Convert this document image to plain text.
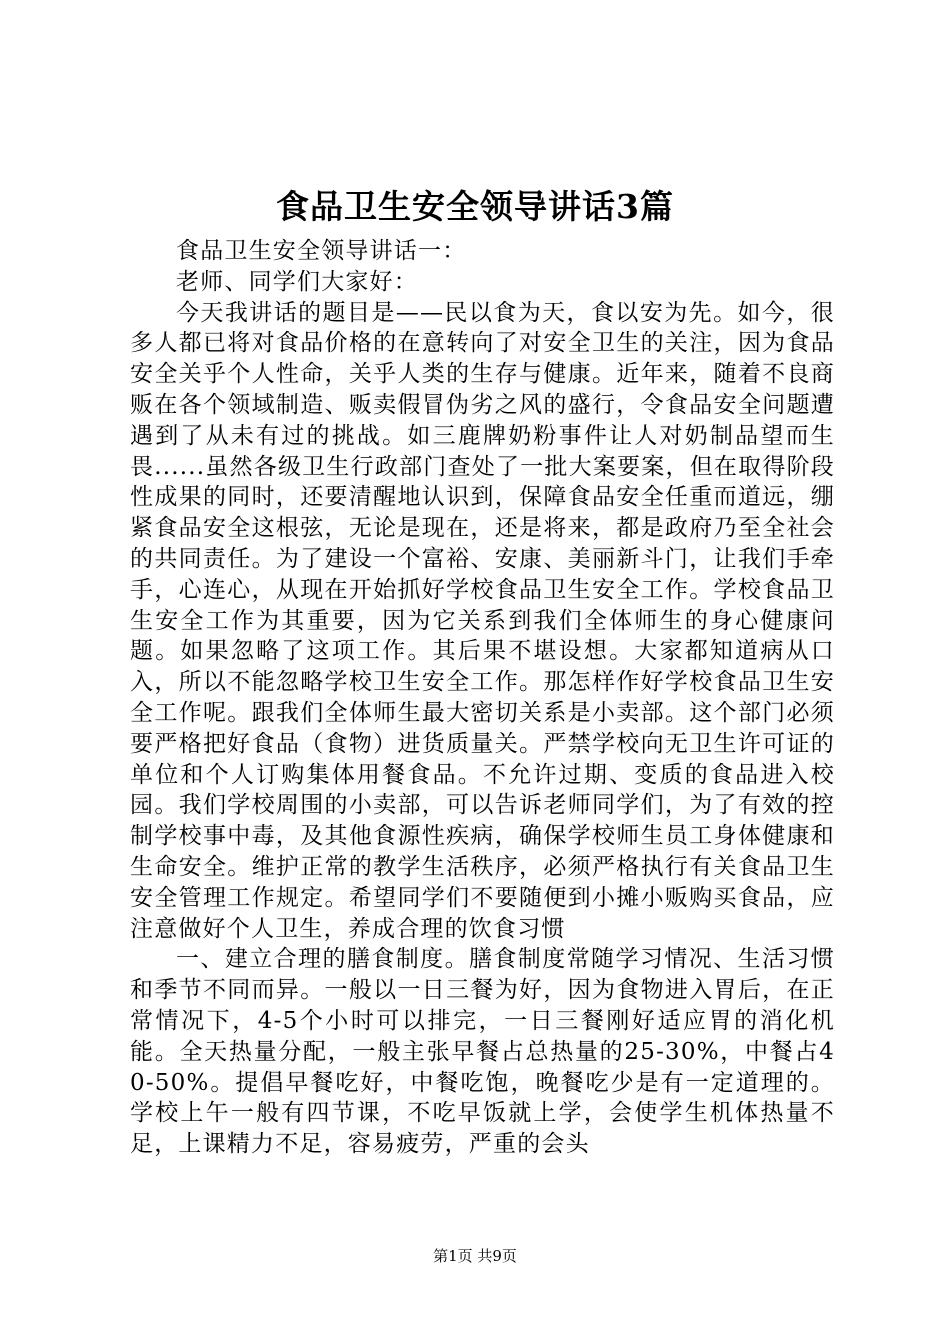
食品卫生安全领导讲话3篇

食品卫生安全领导讲话一：

老师、同学们大家好：

今天我讲话的题目是——民以食为天，食以安为先。如今，很多人都已将对食品价格的在意转向了对安全卫生的关注，因为食品安全关乎个人性命，关乎人类的生存与健康。近年来，随着不良商贩在各个领域制造、贩卖假冒伪劣之风的盛行，令食品安全问题遭遇到了从未有过的挑战。如三鹿牌奶粉事件让人对奶制品望而生畏......虽然各级卫生行政部门查处了一批大案要案，但在取得阶段性成果的同时，还要清醒地认识到，保障食品安全任重而道远，绷紧食品安全这根弦，无论是现在，还是将来，都是政府乃至全社会的共同责任。为了建设一个富裕、安康、美丽新斗门，让我们手牵手，心连心，从现在开始抓好学校食品卫生安全工作。学校食品卫生安全工作为其重要，因为它关系到我们全体师生的身心健康问题。如果忽略了这项工作。其后果不堪设想。大家都知道病从口入，所以不能忽略学校卫生安全工作。那怎样作好学校食品卫生安全工作呢。跟我们全体师生最大密切关系是小卖部。这个部门必须要严格把好食品（食物）进货质量关。严禁学校向无卫生许可证的单位和个人订购集体用餐食品。不允许过期、变质的食品进入校园。我们学校周围的小卖部，可以告诉老师同学们，为了有效的控制学校事中毒，及其他食源性疾病，确保学校师生员工身体健康和生命安全。维护正常的教学生活秩序，必须严格执行有关食品卫生安全管理工作规定。希望同学们不要随便到小摊小贩购买食品，应注意做好个人卫生，养成合理的饮食习惯

一、建立合理的膳食制度。膳食制度常随学习情况、生活习惯和季节不同而异。一般以一日三餐为好，因为食物进入胃后，在正常情况下，4-5个小时可以排完，一日三餐刚好适应胃的消化机能。全天热量分配，一般主张早餐占总热量的25-30%，中餐占40-50%。提倡早餐吃好，中餐吃饱，晚餐吃少是有一定道理的。学校上午一般有四节课，不吃早饭就上学，会使学生机体热量不足，上课精力不足，容易疲劳，严重的会头

第1页 共9页
